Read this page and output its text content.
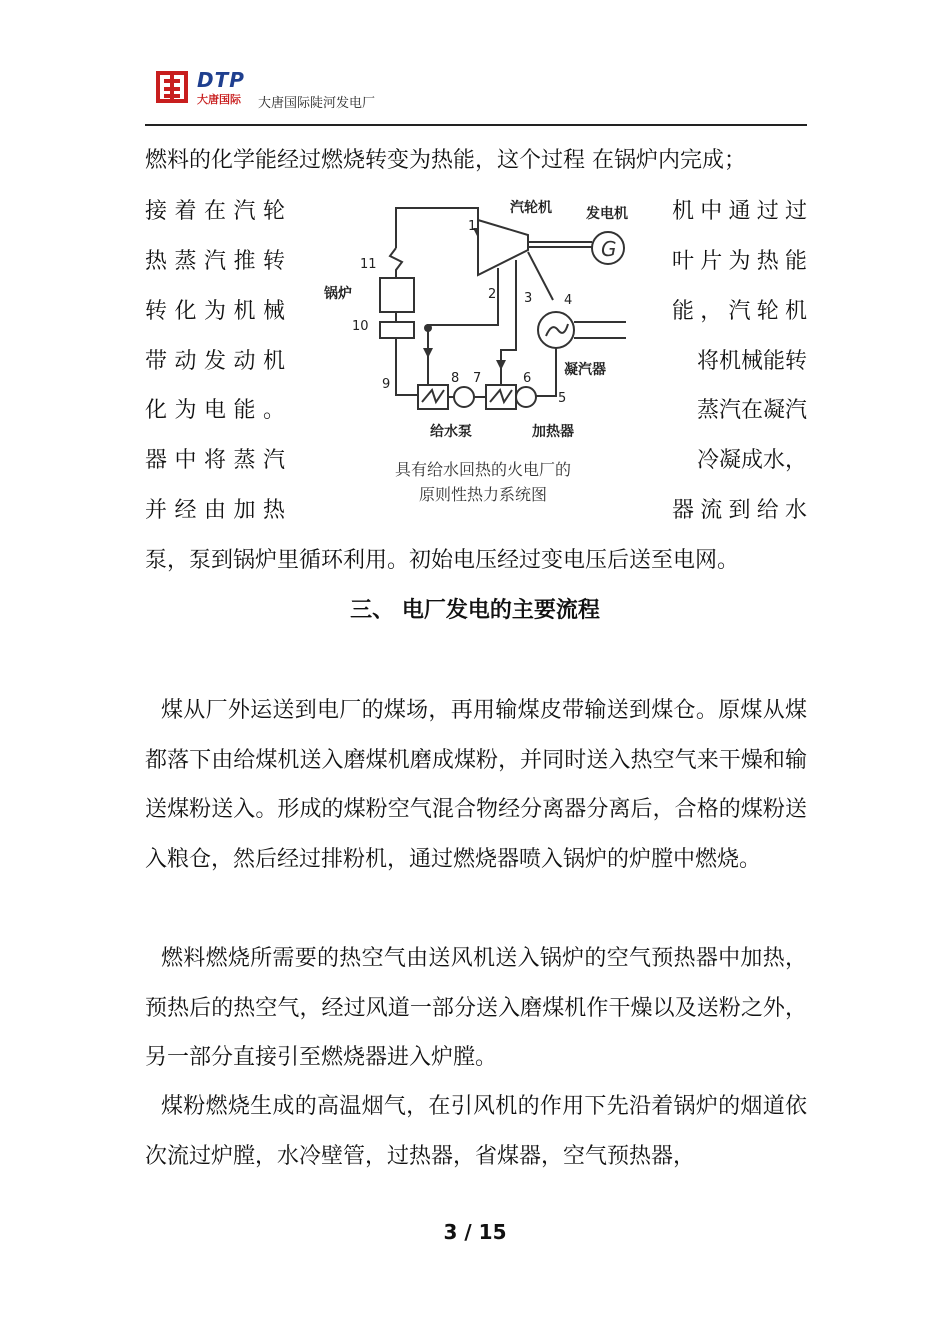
DTP
大唐国际 大唐国际陡河发电厂
燃料的化学能经过燃烧转变为热能，这个过程 在锅炉内完成；
接着在汽轮
热蒸汽推转
转化为机械
带动发动机
化为电能。
器中将蒸汽
并经由加热
机中通过过
叶片为热能
能，汽轮机
将机械能转
蒸汽在凝汽
冷凝成水，
器流到给水
G
汽轮机 发电机
锅炉
凝汽器
给水泵	加热器
1
2 3 4
5
6
7
8
9
10
11
具有给水回热的火电厂的
原则性热力系统图
泵，泵到锅炉里循环利用。初始电压经过变电压后送至电网。
三、 电厂发电的主要流程
煤从厂外运送到电厂的煤场，再用输煤皮带输送到煤仓。原煤从煤都落下由给煤机送入磨煤机磨成煤粉，并同时送入热空气来干燥和输送煤粉送入。形成的煤粉空气混合物经分离器分离后，合格的煤粉送入粮仓，然后经过排粉机，通过燃烧器喷入锅炉的炉膛中燃烧。
燃料燃烧所需要的热空气由送风机送入锅炉的空气预热器中加热，预热后的热空气，经过风道一部分送入磨煤机作干燥以及送粉之外，另一部分直接引至燃烧器进入炉膛。
煤粉燃烧生成的高温烟气，在引风机的作用下先沿着锅炉的烟道依次流过炉膛，水冷壁管，过热器，省煤器，空气预热器，
3 / 15
